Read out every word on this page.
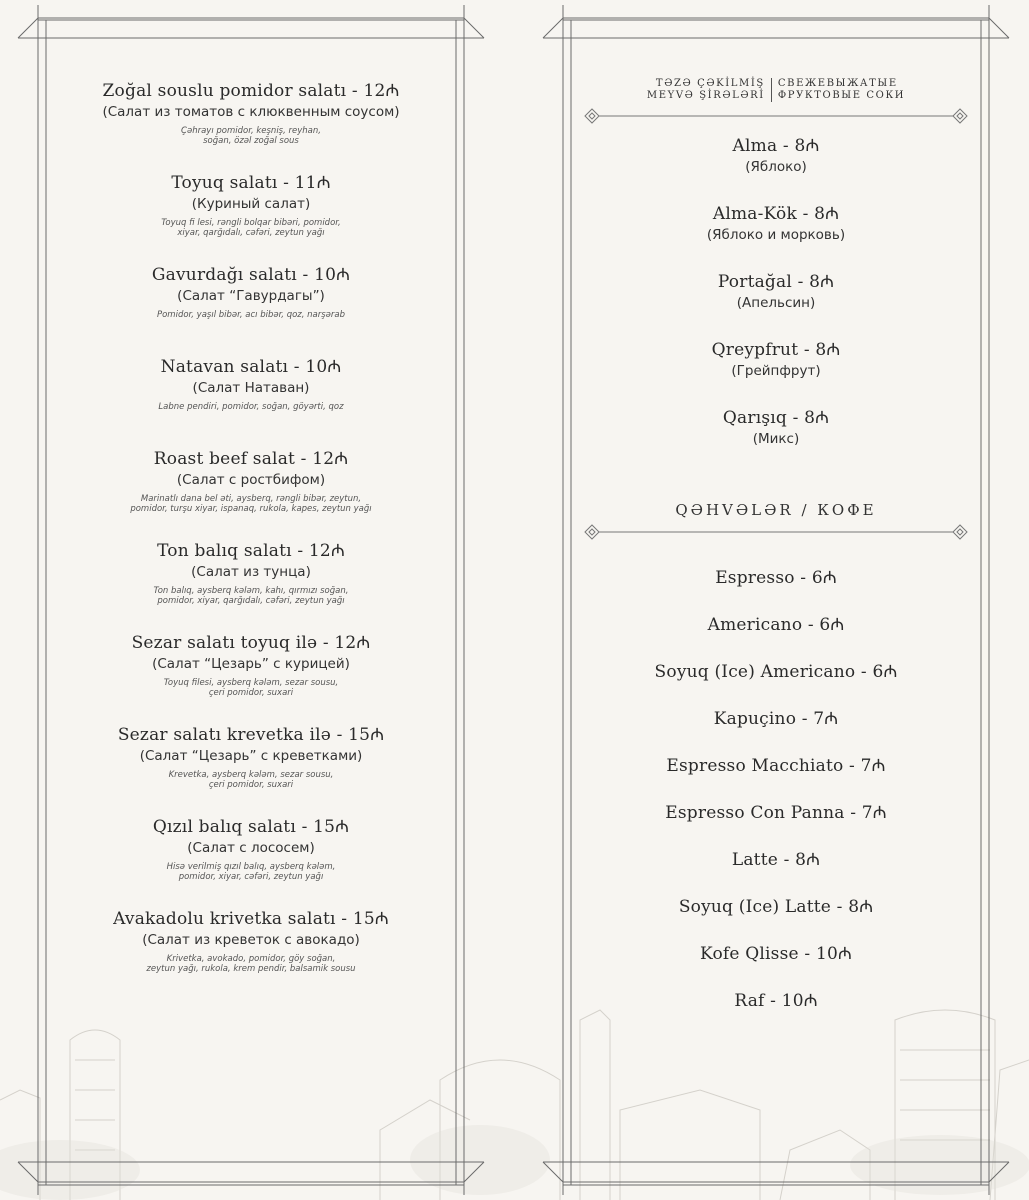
Zoğal souslu pomidor salatı - 12₼
(Салат из томатов с клюквенным соусом)
Çəhrayı pomidor, keşniş, reyhan,
soğan, özəl zoğal sous
Toyuq salatı - 11₼
(Куриный салат)
Toyuq fi lesi, rəngli bolqar bibəri, pomidor,
xiyar, qarğıdalı, cəfəri, zeytun yağı
Gavurdağı salatı - 10₼
(Салат “Гавурдагы”)
Pomidor, yaşıl bibər, acı bibər, qoz, narşərab
Natavan salatı - 10₼
(Салат Натаван)
Labne pendiri, pomidor, soğan, göyərti, qoz
Roast beef salat - 12₼
(Салат с ростбифом)
Marinatlı dana bel əti, aysberq, rəngli bibər, zeytun,
pomidor, turşu xiyar, ispanaq, rukola, kapes, zeytun yağı
Ton balıq salatı - 12₼
(Салат из тунца)
Ton balıq, aysberq kələm, kahı, qırmızı soğan,
pomidor, xiyar, qarğıdalı, cəfəri, zeytun yağı
Sezar salatı toyuq ilə - 12₼
(Салат “Цезарь” с курицей)
Toyuq filesi, aysberq kələm, sezar sousu,
çeri pomidor, suxari
Sezar salatı krevetka ilə - 15₼
(Салат “Цезарь” с креветками)
Krevetka, aysberq kələm, sezar sousu,
çeri pomidor, suxari
Qızıl balıq salatı - 15₼
(Салат с лососем)
Hisə verilmiş qızıl balıq, aysberq kələm,
pomidor, xiyar, cəfəri, zeytun yağı
Avakadolu krivetka salatı - 15₼
(Салат из креветок с авокадо)
Krivetka, avokado, pomidor, göy soğan,
zeytun yağı, rukola, krem pendir, balsamik sousu
TƏZƏ ÇƏKİLMİŞ
MEYVƏ ŞİRƏLƏRİ
СВЕЖЕВЫЖАТЫЕ
ФРУКТОВЫЕ СОКИ
Alma - 8₼
(Яблоко)
Alma-Kök - 8₼
(Яблоко и морковь)
Portağal - 8₼
(Апельсин)
Qreypfrut - 8₼
(Грейпфрут)
Qarışıq - 8₼
(Микс)
QƏHVƏLƏR / КОФЕ
Espresso - 6₼
Americano - 6₼
Soyuq (Ice) Americano - 6₼
Kapuçino - 7₼
Espresso Macchiato - 7₼
Espresso Con Panna - 7₼
Latte - 8₼
Soyuq (Ice) Latte - 8₼
Kofe Qlisse - 10₼
Raf - 10₼
